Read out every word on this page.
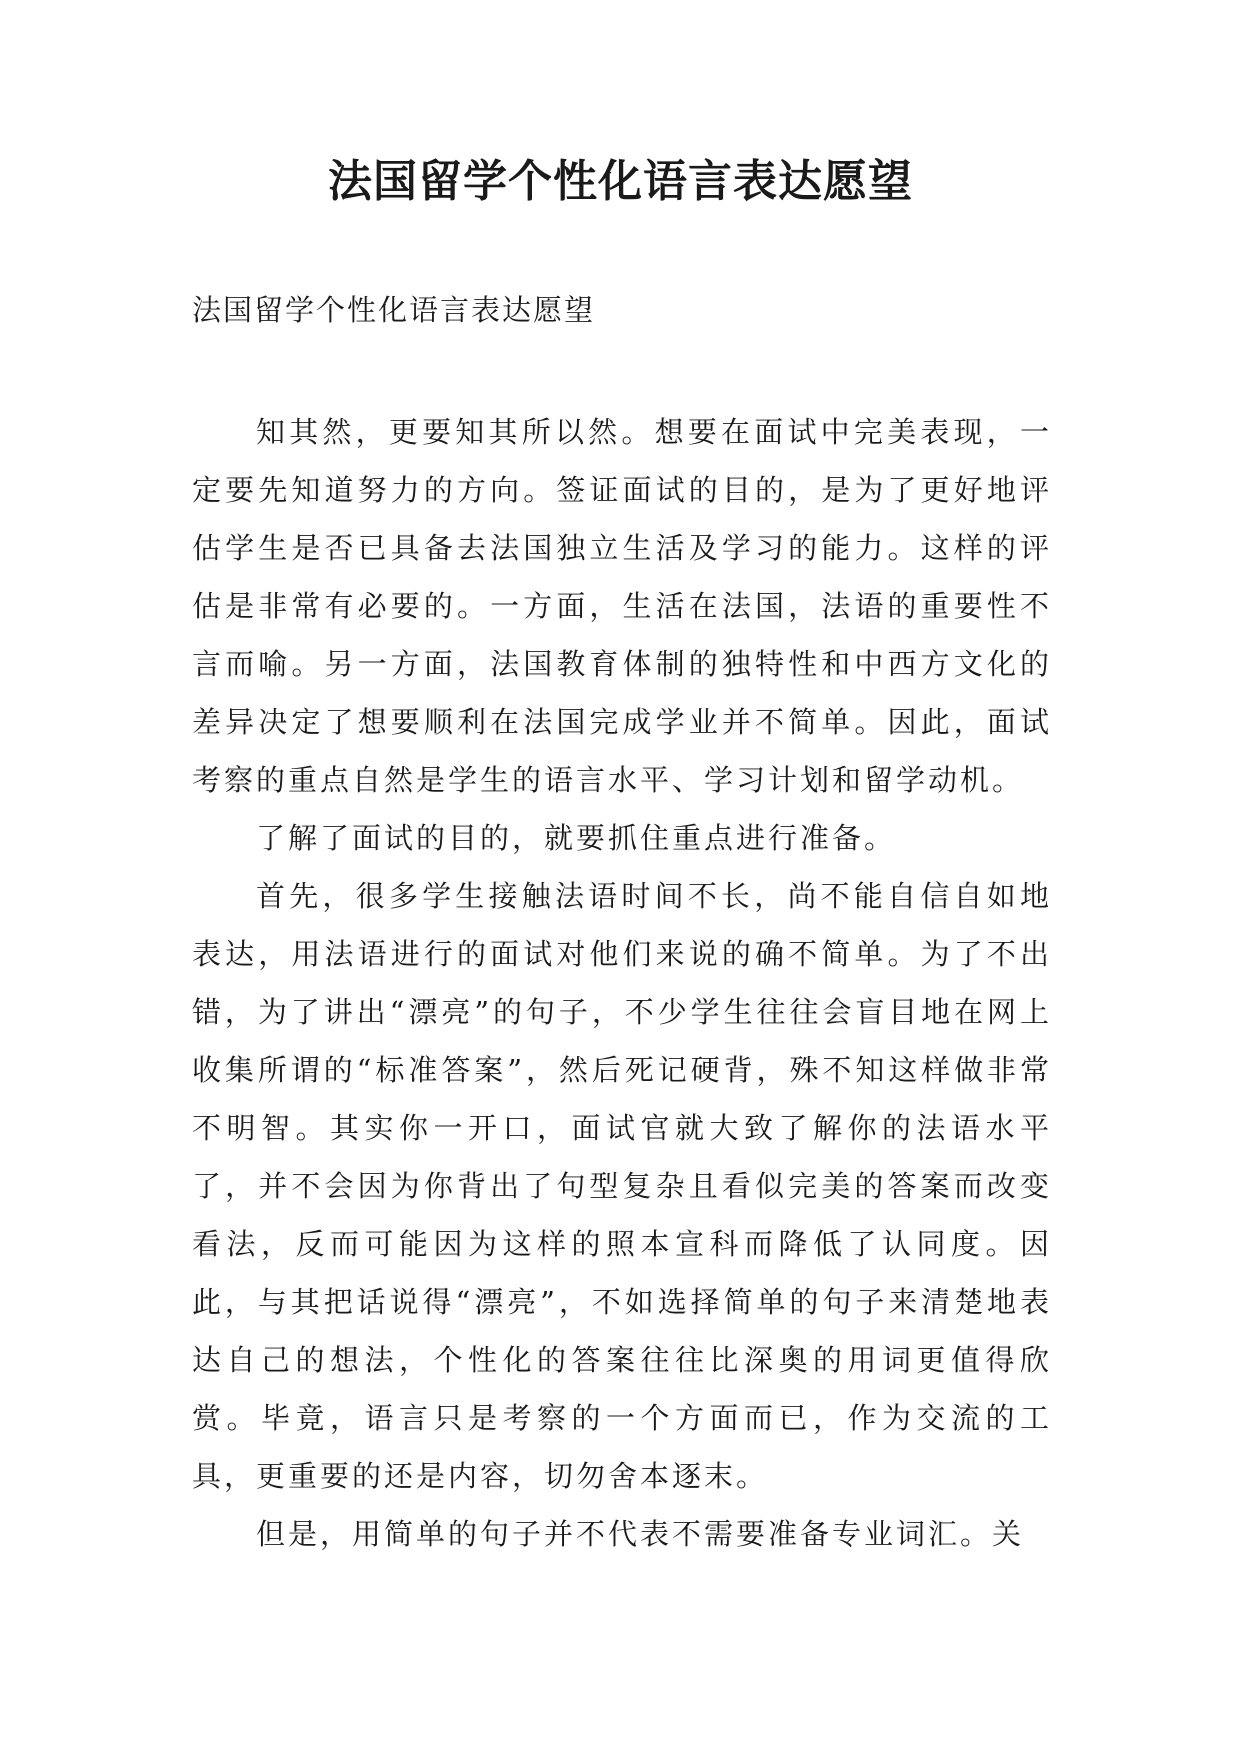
法国留学个性化语言表达愿望
法国留学个性化语言表达愿望

知其然，更要知其所以然。想要在面试中完美表现，一定要先知道努力的方向。签证面试的目的，是为了更好地评估学生是否已具备去法国独立生活及学习的能力。这样的评估是非常有必要的。一方面，生活在法国，法语的重要性不言而喻。另一方面，法国教育体制的独特性和中西方文化的差异决定了想要顺利在法国完成学业并不简单。因此，面试考察的重点自然是学生的语言水平、学习计划和留学动机。

了解了面试的目的，就要抓住重点进行准备。

首先，很多学生接触法语时间不长，尚不能自信自如地表达，用法语进行的面试对他们来说的确不简单。为了不出错，为了讲出“漂亮”的句子，不少学生往往会盲目地在网上收集所谓的“标准答案”，然后死记硬背，殊不知这样做非常不明智。其实你一开口，面试官就大致了解你的法语水平了，并不会因为你背出了句型复杂且看似完美的答案而改变看法，反而可能因为这样的照本宣科而降低了认同度。因此，与其把话说得“漂亮”，不如选择简单的句子来清楚地表达自己的想法，个性化的答案往往比深奥的用词更值得欣赏。毕竟，语言只是考察的一个方面而已，作为交流的工具，更重要的还是内容，切勿舍本逐末。

但是，用简单的句子并不代表不需要准备专业词汇。关
